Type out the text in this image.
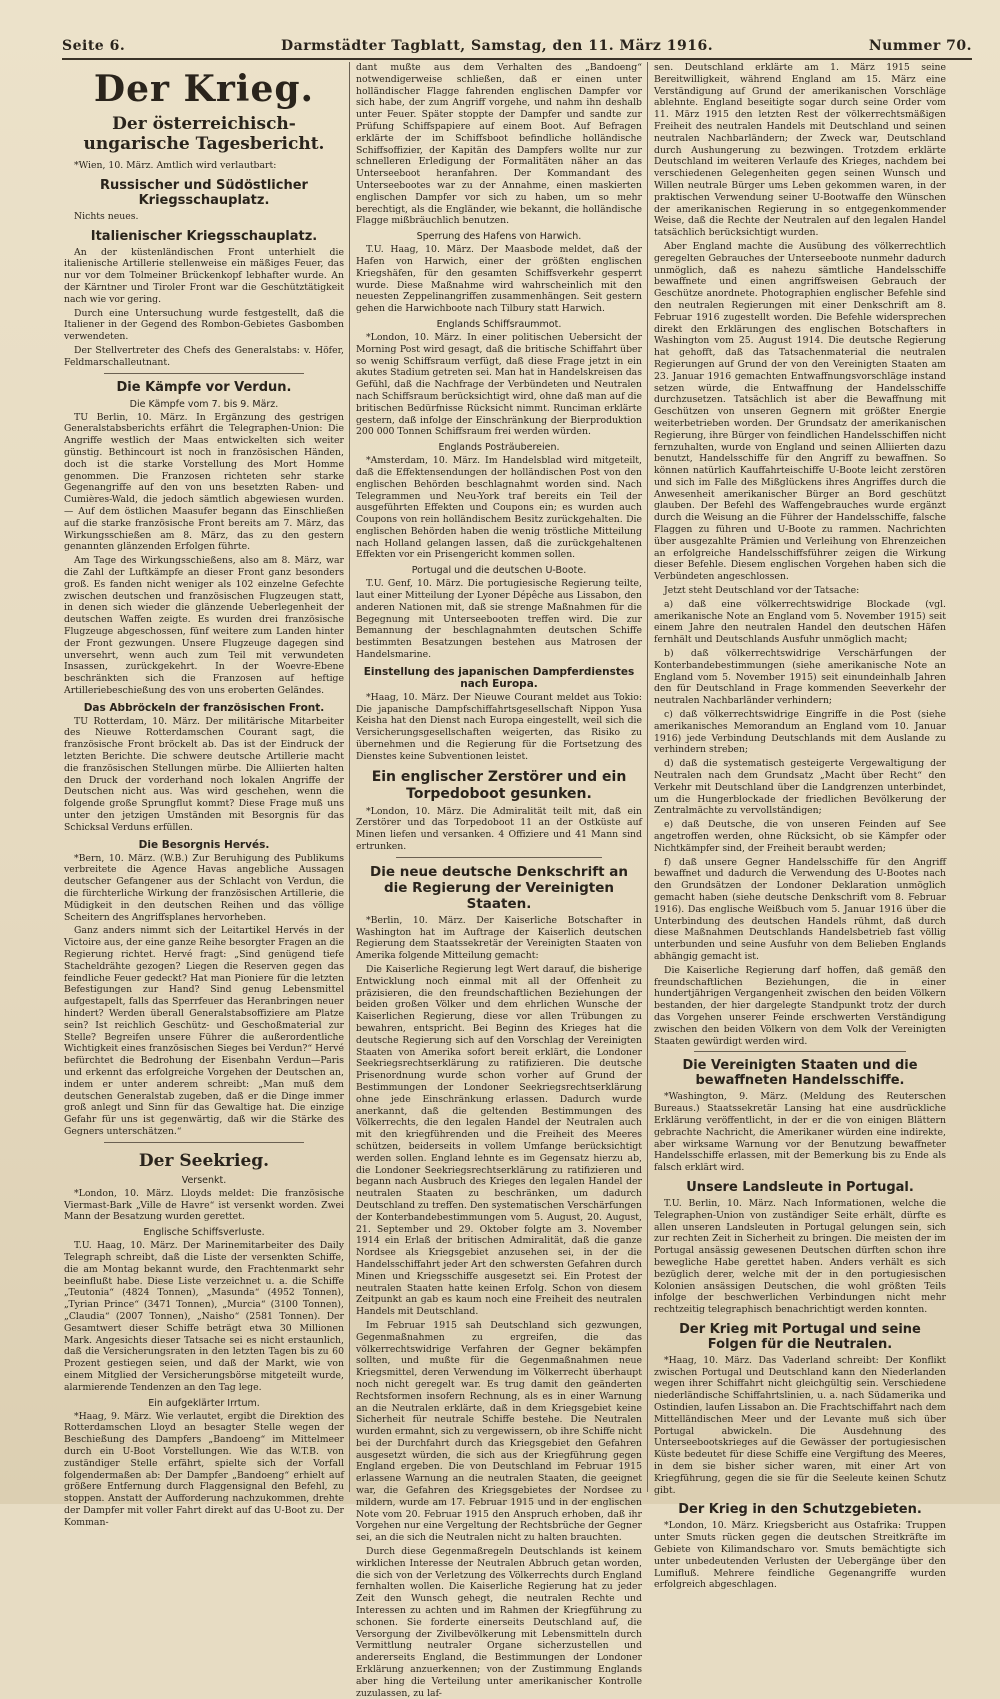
Seite 6.	Darmstädter Tagblatt, Samstag, den 11. März 1916.	Nummer 70.
Der Krieg.
Der österreichisch-ungarische Tagesbericht.

*Wien, 10. März. Amtlich wird verlautbart:

Russischer und Südöstlicher Kriegsschauplatz.

Nichts neues.

Italienischer Kriegsschauplatz.

An der küstenländischen Front unterhielt die italienische Artillerie stellenweise ein mäßiges Feuer, das nur vor dem Tolmeiner Brückenkopf lebhafter wurde. An der Kärntner und Tiroler Front war die Geschütztätigkeit nach wie vor gering.

Durch eine Untersuchung wurde festgestellt, daß die Italiener in der Gegend des Rombon-Gebietes Gasbomben verwendeten.

Der Stellvertreter des Chefs des Generalstabs: v. Höfer, Feldmarschalleutnant.

Die Kämpfe vor Verdun.
Die Kämpfe vom 7. bis 9. März.

TU Berlin, 10. März. In Ergänzung des gestrigen Generalstabsberichts erfährt die Telegraphen-Union: Die Angriffe westlich der Maas entwickelten sich weiter günstig. Bethincourt ist noch in französischen Händen, doch ist die starke Vorstellung des Mort Homme genommen. Die Franzosen richteten sehr starke Gegenangriffe auf den von uns besetzten Raben- und Cumières-Wald, die jedoch sämtlich abgewiesen wurden. — Auf dem östlichen Maasufer begann das Einschließen auf die starke französische Front bereits am 7. März, das Wirkungsschießen am 8. März, das zu den gestern genannten glänzenden Erfolgen führte.

Am Tage des Wirkungsschießens, also am 8. März, war die Zahl der Luftkämpfe an dieser Front ganz besonders groß. Es fanden nicht weniger als 102 einzelne Gefechte zwischen deutschen und französischen Flugzeugen statt, in denen sich wieder die glänzende Ueberlegenheit der deutschen Waffen zeigte. Es wurden drei französische Flugzeuge abgeschossen, fünf weitere zum Landen hinter der Front gezwungen. Unsere Flugzeuge dagegen sind unversehrt, wenn auch zum Teil mit verwundeten Insassen, zurückgekehrt. In der Woevre-Ebene beschränkten sich die Franzosen auf heftige Artilleriebeschießung des von uns eroberten Geländes.

Das Abbröckeln der französischen Front.

TU Rotterdam, 10. März. Der militärische Mitarbeiter des Nieuwe Rotterdamschen Courant sagt, die französische Front bröckelt ab. Das ist der Eindruck der letzten Berichte. Die schwere deutsche Artillerie macht die französischen Stellungen mürbe. Die Alliierten halten den Druck der vorderhand noch lokalen Angriffe der Deutschen nicht aus. Was wird geschehen, wenn die folgende große Sprungflut kommt? Diese Frage muß uns unter den jetzigen Umständen mit Besorgnis für das Schicksal Verduns erfüllen.

Die Besorgnis Hervés.

*Bern, 10. März. (W.B.) Zur Beruhigung des Publikums verbreitete die Agence Havas angebliche Aussagen deutscher Gefangener aus der Schlacht von Verdun, die die fürchterliche Wirkung der französischen Artillerie, die Müdigkeit in den deutschen Reihen und das völlige Scheitern des Angriffsplanes hervorheben.

Ganz anders nimmt sich der Leitartikel Hervés in der Victoire aus, der eine ganze Reihe besorgter Fragen an die Regierung richtet. Hervé fragt: „Sind genügend tiefe Stacheldrähte gezogen? Liegen die Reserven gegen das feindliche Feuer gedeckt? Hat man Pioniere für die letzten Befestigungen zur Hand? Sind genug Lebensmittel aufgestapelt, falls das Sperrfeuer das Heranbringen neuer hindert? Werden überall Generalstabsoffiziere am Platze sein? Ist reichlich Geschütz- und Geschoßmaterial zur Stelle? Begreifen unsere Führer die außerordentliche Wichtigkeit eines französischen Sieges bei Verdun?“ Hervé befürchtet die Bedrohung der Eisenbahn Verdun—Paris und erkennt das erfolgreiche Vorgehen der Deutschen an, indem er unter anderem schreibt: „Man muß dem deutschen Generalstab zugeben, daß er die Dinge immer groß anlegt und Sinn für das Gewaltige hat. Die einzige Gefahr für uns ist gegenwärtig, daß wir die Stärke des Gegners unterschätzen.“

Der Seekrieg.
Versenkt.

*London, 10. März. Lloyds meldet: Die französische Viermast-Bark „Ville de Havre“ ist versenkt worden. Zwei Mann der Besatzung wurden gerettet.

Englische Schiffsverluste.

T.U. Haag, 10. März. Der Marinemitarbeiter des Daily Telegraph schreibt, daß die Liste der versenkten Schiffe, die am Montag bekannt wurde, den Frachtenmarkt sehr beeinflußt habe. Diese Liste verzeichnet u. a. die Schiffe „Teutonia“ (4824 Tonnen), „Masunda“ (4952 Tonnen), „Tyrian Prince“ (3471 Tonnen), „Murcia“ (3100 Tonnen), „Claudia“ (2007 Tonnen), „Naisho“ (2581 Tonnen). Der Gesamtwert dieser Schiffe beträgt etwa 30 Millionen Mark. Angesichts dieser Tatsache sei es nicht erstaunlich, daß die Versicherungsraten in den letzten Tagen bis zu 60 Prozent gestiegen seien, und daß der Markt, wie von einem Mitglied der Versicherungsbörse mitgeteilt wurde, alarmierende Tendenzen an den Tag lege.

Ein aufgeklärter Irrtum.

*Haag, 9. März. Wie verlautet, ergibt die Direktion des Rotterdamschen Lloyd an besagter Stelle wegen der Beschießung des Dampfers „Bandoeng“ im Mittelmeer durch ein U-Boot Vorstellungen. Wie das W.T.B. von zuständiger Stelle erfährt, spielte sich der Vorfall folgendermaßen ab: Der Dampfer „Bandoeng“ erhielt auf größere Entfernung durch Flaggensignal den Befehl, zu stoppen. Anstatt der Aufforderung nachzukommen, drehte der Dampfer mit voller Fahrt direkt auf das U-Boot zu. Der Komman-

dant mußte aus dem Verhalten des „Bandoeng“ notwendigerweise schließen, daß er einen unter holländischer Flagge fahrenden englischen Dampfer vor sich habe, der zum Angriff vorgehe, und nahm ihn deshalb unter Feuer. Später stoppte der Dampfer und sandte zur Prüfung Schiffspapiere auf einem Boot. Auf Befragen erklärte der im Schiffsboot befindliche holländische Schiffsoffizier, der Kapitän des Dampfers wollte nur zur schnelleren Erledigung der Formalitäten näher an das Unterseeboot heranfahren. Der Kommandant des Unterseebootes war zu der Annahme, einen maskierten englischen Dampfer vor sich zu haben, um so mehr berechtigt, als die Engländer, wie bekannt, die holländische Flagge mißbräuchlich benutzen.

Sperrung des Hafens von Harwich.

T.U. Haag, 10. März. Der Maasbode meldet, daß der Hafen von Harwich, einer der größten englischen Kriegshäfen, für den gesamten Schiffsverkehr gesperrt wurde. Diese Maßnahme wird wahrscheinlich mit den neuesten Zeppelinangriffen zusammenhängen. Seit gestern gehen die Harwichboote nach Tilbury statt Harwich.

Englands Schiffsraummot.

*London, 10. März. In einer politischen Uebersicht der Morning Post wird gesagt, daß die britische Schiffahrt über so wenig Schiffsraum verfügt, daß diese Frage jetzt in ein akutes Stadium getreten sei. Man hat in Handelskreisen das Gefühl, daß die Nachfrage der Verbündeten und Neutralen nach Schiffsraum berücksichtigt wird, ohne daß man auf die britischen Bedürfnisse Rücksicht nimmt. Runciman erklärte gestern, daß infolge der Einschränkung der Bierproduktion 200 000 Tonnen Schiffsraum frei werden würden.

Englands Posträubereien.

*Amsterdam, 10. März. Im Handelsblad wird mitgeteilt, daß die Effektensendungen der holländischen Post von den englischen Behörden beschlagnahmt worden sind. Nach Telegrammen und Neu-York traf bereits ein Teil der ausgeführten Effekten und Coupons ein; es wurden auch Coupons von rein holländischem Besitz zurückgehalten. Die englischen Behörden haben die wenig tröstliche Mitteilung nach Holland gelangen lassen, daß die zurückgehaltenen Effekten vor ein Prisengericht kommen sollen.

Portugal und die deutschen U-Boote.

T.U. Genf, 10. März. Die portugiesische Regierung teilte, laut einer Mitteilung der Lyoner Dépêche aus Lissabon, den anderen Nationen mit, daß sie strenge Maßnahmen für die Begegnung mit Unterseebooten treffen wird. Die zur Bemannung der beschlagnahmten deutschen Schiffe bestimmten Besatzungen bestehen aus Matrosen der Handelsmarine.

Einstellung des japanischen Dampferdienstes nach Europa.

*Haag, 10. März. Der Nieuwe Courant meldet aus Tokio: Die japanische Dampfschiffahrtsgesellschaft Nippon Yusa Keisha hat den Dienst nach Europa eingestellt, weil sich die Versicherungsgesellschaften weigerten, das Risiko zu übernehmen und die Regierung für die Fortsetzung des Dienstes keine Subventionen leistet.

Ein englischer Zerstörer und ein Torpedoboot gesunken.

*London, 10. März. Die Admiralität teilt mit, daß ein Zerstörer und das Torpedoboot 11 an der Ostküste auf Minen liefen und versanken. 4 Offiziere und 41 Mann sind ertrunken.

Die neue deutsche Denkschrift an die Regierung der Vereinigten Staaten.

*Berlin, 10. März. Der Kaiserliche Botschafter in Washington hat im Auftrage der Kaiserlich deutschen Regierung dem Staatssekretär der Vereinigten Staaten von Amerika folgende Mitteilung gemacht:

Die Kaiserliche Regierung legt Wert darauf, die bisherige Entwicklung noch einmal mit all der Offenheit zu präzisieren, die den freundschaftlichen Beziehungen der beiden großen Völker und dem ehrlichen Wunsche der Kaiserlichen Regierung, diese vor allen Trübungen zu bewahren, entspricht. Bei Beginn des Krieges hat die deutsche Regierung sich auf den Vorschlag der Vereinigten Staaten von Amerika sofort bereit erklärt, die Londoner Seekriegsrechtserklärung zu ratifizieren. Die deutsche Prisenordnung wurde schon vorher auf Grund der Bestimmungen der Londoner Seekriegsrechtserklärung ohne jede Einschränkung erlassen. Dadurch wurde anerkannt, daß die geltenden Bestimmungen des Völkerrechts, die den legalen Handel der Neutralen auch mit den kriegführenden und die Freiheit des Meeres schützen, beiderseits in vollem Umfange berücksichtigt werden sollen. England lehnte es im Gegensatz hierzu ab, die Londoner Seekriegsrechtserklärung zu ratifizieren und begann nach Ausbruch des Krieges den legalen Handel der neutralen Staaten zu beschränken, um dadurch Deutschland zu treffen. Den systematischen Verschärfungen der Konterbandebestimmungen vom 5. August, 20. August, 21. September und 29. Oktober folgte am 3. November 1914 ein Erlaß der britischen Admiralität, daß die ganze Nordsee als Kriegsgebiet anzusehen sei, in der die Handelsschiffahrt jeder Art den schwersten Gefahren durch Minen und Kriegsschiffe ausgesetzt sei. Ein Protest der neutralen Staaten hatte keinen Erfolg. Schon von diesem Zeitpunkt an gab es kaum noch eine Freiheit des neutralen Handels mit Deutschland.

Im Februar 1915 sah Deutschland sich gezwungen, Gegenmaßnahmen zu ergreifen, die das völkerrechtswidrige Verfahren der Gegner bekämpfen sollten, und mußte für die Gegenmaßnahmen neue Kriegsmittel, deren Verwendung im Völkerrecht überhaupt noch nicht geregelt war. Es trug damit den geänderten Rechtsformen insofern Rechnung, als es in einer Warnung an die Neutralen erklärte, daß in dem Kriegsgebiet keine Sicherheit für neutrale Schiffe bestehe. Die Neutralen wurden ermahnt, sich zu vergewissern, ob ihre Schiffe nicht bei der Durchfahrt durch das Kriegsgebiet den Gefahren ausgesetzt würden, die sich aus der Kriegführung gegen England ergeben. Die von Deutschland im Februar 1915 erlassene Warnung an die neutralen Staaten, die geeignet war, die Gefahren des Kriegsgebietes der Nordsee zu mildern, wurde am 17. Februar 1915 und in der englischen Note vom 20. Februar 1915 den Anspruch erhoben, daß ihr Vorgehen nur eine Vergeltung der Rechtsbrüche der Gegner sei, an die sich die Neutralen nicht zu halten brauchten.

Durch diese Gegenmaßregeln Deutschlands ist keinem wirklichen Interesse der Neutralen Abbruch getan worden, die sich von der Verletzung des Völkerrechts durch England fernhalten wollen. Die Kaiserliche Regierung hat zu jeder Zeit den Wunsch gehegt, die neutralen Rechte und Interessen zu achten und im Rahmen der Kriegführung zu schonen. Sie forderte einerseits Deutschland auf, die Versorgung der Zivilbevölkerung mit Lebensmitteln durch Vermittlung neutraler Organe sicherzustellen und andererseits England, die Bestimmungen der Londoner Erklärung anzuerkennen; von der Zustimmung Englands aber hing die Verteilung unter amerikanischer Kontrolle zuzulassen, zu laf-

sen. Deutschland erklärte am 1. März 1915 seine Bereitwilligkeit, während England am 15. März eine Verständigung auf Grund der amerikanischen Vorschläge ablehnte. England beseitigte sogar durch seine Order vom 11. März 1915 den letzten Rest der völkerrechtsmäßigen Freiheit des neutralen Handels mit Deutschland und seinen neutralen Nachbarländern; der Zweck war, Deutschland durch Aushungerung zu bezwingen. Trotzdem erklärte Deutschland im weiteren Verlaufe des Krieges, nachdem bei verschiedenen Gelegenheiten gegen seinen Wunsch und Willen neutrale Bürger ums Leben gekommen waren, in der praktischen Verwendung seiner U-Bootwaffe den Wünschen der amerikanischen Regierung in so entgegenkommender Weise, daß die Rechte der Neutralen auf den legalen Handel tatsächlich berücksichtigt wurden.

Aber England machte die Ausübung des völkerrechtlich geregelten Gebrauches der Unterseeboote nunmehr dadurch unmöglich, daß es nahezu sämtliche Handelsschiffe bewaffnete und einen angriffsweisen Gebrauch der Geschütze anordnete. Photographien englischer Befehle sind den neutralen Regierungen mit einer Denkschrift am 8. Februar 1916 zugestellt worden. Die Befehle widersprechen direkt den Erklärungen des englischen Botschafters in Washington vom 25. August 1914. Die deutsche Regierung hat gehofft, daß das Tatsachenmaterial die neutralen Regierungen auf Grund der von den Vereinigten Staaten am 23. Januar 1916 gemachten Entwaffnungsvorschläge instand setzen würde, die Entwaffnung der Handelsschiffe durchzusetzen. Tatsächlich ist aber die Bewaffnung mit Geschützen von unseren Gegnern mit größter Energie weiterbetrieben worden. Der Grundsatz der amerikanischen Regierung, ihre Bürger von feindlichen Handelsschiffen nicht fernzuhalten, wurde von England und seinen Alliierten dazu benutzt, Handelsschiffe für den Angriff zu bewaffnen. So können natürlich Kauffahrteischiffe U-Boote leicht zerstören und sich im Falle des Mißglückens ihres Angriffes durch die Anwesenheit amerikanischer Bürger an Bord geschützt glauben. Der Befehl des Waffengebrauches wurde ergänzt durch die Weisung an die Führer der Handelsschiffe, falsche Flaggen zu führen und U-Boote zu rammen. Nachrichten über ausgezahlte Prämien und Verleihung von Ehrenzeichen an erfolgreiche Handelsschiffsführer zeigen die Wirkung dieser Befehle. Diesem englischen Vorgehen haben sich die Verbündeten angeschlossen.

Jetzt steht Deutschland vor der Tatsache:

a) daß eine völkerrechtswidrige Blockade (vgl. amerikanische Note an England vom 5. November 1915) seit einem Jahre den neutralen Handel den deutschen Häfen fernhält und Deutschlands Ausfuhr unmöglich macht;

b) daß völkerrechtswidrige Verschärfungen der Konterbandebestimmungen (siehe amerikanische Note an England vom 5. November 1915) seit einundeinhalb Jahren den für Deutschland in Frage kommenden Seeverkehr der neutralen Nachbarländer verhindern;

c) daß völkerrechtswidrige Eingriffe in die Post (siehe amerikanisches Memorandum an England vom 10. Januar 1916) jede Verbindung Deutschlands mit dem Auslande zu verhindern streben;

d) daß die systematisch gesteigerte Vergewaltigung der Neutralen nach dem Grundsatz „Macht über Recht“ den Verkehr mit Deutschland über die Landgrenzen unterbindet, um die Hungerblockade der friedlichen Bevölkerung der Zentralmächte zu vervollständigen;

e) daß Deutsche, die von unseren Feinden auf See angetroffen werden, ohne Rücksicht, ob sie Kämpfer oder Nichtkämpfer sind, der Freiheit beraubt werden;

f) daß unsere Gegner Handelsschiffe für den Angriff bewaffnet und dadurch die Verwendung des U-Bootes nach den Grundsätzen der Londoner Deklaration unmöglich gemacht haben (siehe deutsche Denkschrift vom 8. Februar 1916). Das englische Weißbuch vom 5. Januar 1916 über die Unterbindung des deutschen Handels rühmt, daß durch diese Maßnahmen Deutschlands Handelsbetrieb fast völlig unterbunden und seine Ausfuhr von dem Belieben Englands abhängig gemacht ist.

Die Kaiserliche Regierung darf hoffen, daß gemäß den freundschaftlichen Beziehungen, die in einer hundertjährigen Vergangenheit zwischen den beiden Völkern bestanden, der hier dargelegte Standpunkt trotz der durch das Vorgehen unserer Feinde erschwerten Verständigung zwischen den beiden Völkern von dem Volk der Vereinigten Staaten gewürdigt werden wird.

Die Vereinigten Staaten und die bewaffneten Handelsschiffe.

*Washington, 9. März. (Meldung des Reuterschen Bureaus.) Staatssekretär Lansing hat eine ausdrückliche Erklärung veröffentlicht, in der er die von einigen Blättern gebrachte Nachricht, die Amerikaner würden eine indirekte, aber wirksame Warnung vor der Benutzung bewaffneter Handelsschiffe erlassen, mit der Bemerkung bis zu Ende als falsch erklärt wird.

Unsere Landsleute in Portugal.

T.U. Berlin, 10. März. Nach Informationen, welche die Telegraphen-Union von zuständiger Seite erhält, dürfte es allen unseren Landsleuten in Portugal gelungen sein, sich zur rechten Zeit in Sicherheit zu bringen. Die meisten der im Portugal ansässig gewesenen Deutschen dürften schon ihre bewegliche Habe gerettet haben. Anders verhält es sich bezüglich derer, welche mit der in den portugiesischen Kolonien ansässigen Deutschen, die wohl größten Teils infolge der beschwerlichen Verbindungen nicht mehr rechtzeitig telegraphisch benachrichtigt werden konnten.

Der Krieg mit Portugal und seine Folgen für die Neutralen.

*Haag, 10. März. Das Vaderland schreibt: Der Konflikt zwischen Portugal und Deutschland kann den Niederlanden wegen ihrer Schiffahrt nicht gleichgültig sein. Verschiedene niederländische Schiffahrtslinien, u. a. nach Südamerika und Ostindien, laufen Lissabon an. Die Frachtschiffahrt nach dem Mittelländischen Meer und der Levante muß sich über Portugal abwickeln. Die Ausdehnung des Unterseebootskrieges auf die Gewässer der portugiesischen Küste bedeutet für diese Schiffe eine Vergiftung des Meeres, in dem sie bisher sicher waren, mit einer Art von Kriegführung, gegen die sie für die Seeleute keinen Schutz gibt.

Der Krieg in den Schutzgebieten.

*London, 10. März. Kriegsbericht aus Ostafrika: Truppen unter Smuts rücken gegen die deutschen Streitkräfte im Gebiete von Kilimandscharo vor. Smuts bemächtigte sich unter unbedeutenden Verlusten der Uebergänge über den Lumifluß. Mehrere feindliche Gegenangriffe wurden erfolgreich abgeschlagen.
